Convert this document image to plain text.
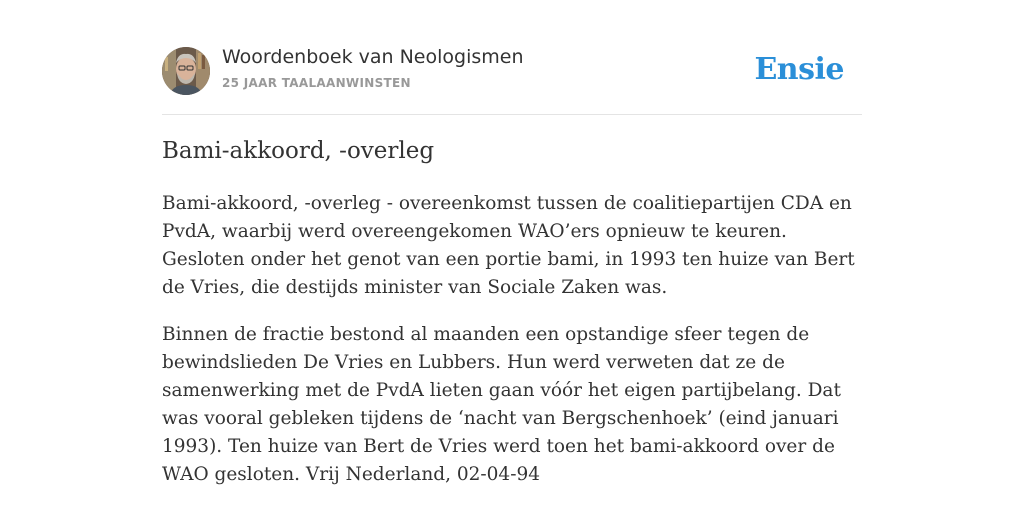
Woordenboek van Neologismen
25 JAAR TAALAANWINSTEN	Ensie
Bami-akkoord, -overleg

Bami-akkoord, -overleg - overeenkomst tussen de coalitiepartijen CDA en PvdA, waarbij werd overeengekomen WAO’ers opnieuw te keuren. Gesloten onder het genot van een portie bami, in 1993 ten huize van Bert de Vries, die destijds minister van Sociale Zaken was.

Binnen de fractie bestond al maanden een opstandige sfeer tegen de bewindslieden De Vries en Lubbers. Hun werd verweten dat ze de samenwerking met de PvdA lieten gaan vóór het eigen partijbelang. Dat was vooral gebleken tijdens de ‘nacht van Bergschenhoek’ (eind januari 1993). Ten huize van Bert de Vries werd toen het bami-akkoord over de WAO gesloten. Vrij Nederland, 02-04-94
